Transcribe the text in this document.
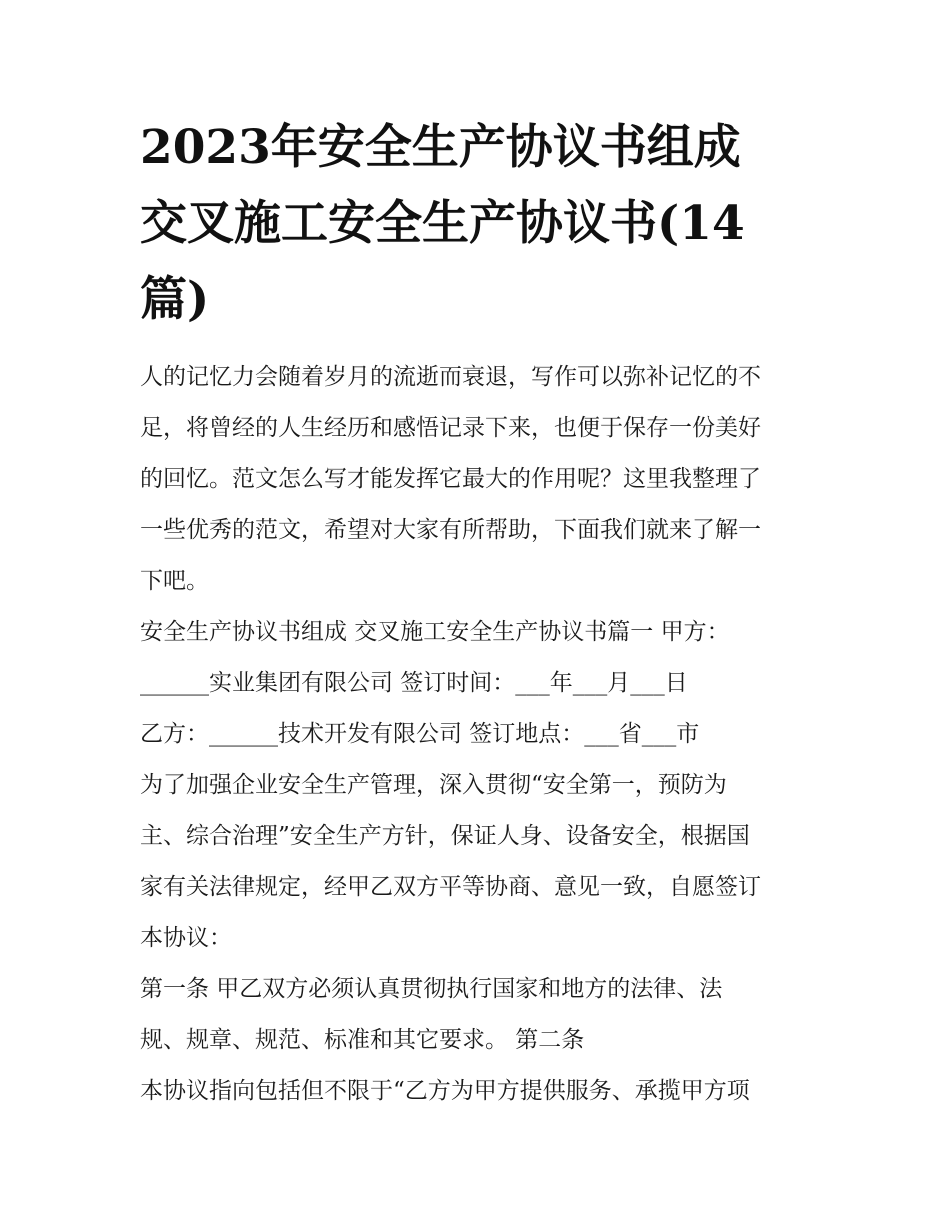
2023年安全生产协议书组成
交叉施工安全生产协议书(14
篇)
人的记忆力会随着岁月的流逝而衰退，写作可以弥补记忆的不
足，将曾经的人生经历和感悟记录下来，也便于保存一份美好
的回忆。范文怎么写才能发挥它最大的作用呢？这里我整理了
一些优秀的范文，希望对大家有所帮助，下面我们就来了解一
下吧。
安全生产协议书组成 交叉施工安全生产协议书篇一 甲方：
______实业集团有限公司 签订时间：___年___月___日
乙方：______技术开发有限公司 签订地点：___省___市
为了加强企业安全生产管理，深入贯彻“安全第一，预防为
主、综合治理”安全生产方针，保证人身、设备安全，根据国
家有关法律规定，经甲乙双方平等协商、意见一致，自愿签订
本协议：
第一条 甲乙双方必须认真贯彻执行国家和地方的法律、法
规、规章、规范、标准和其它要求。 第二条
本协议指向包括但不限于“乙方为甲方提供服务、承揽甲方项
